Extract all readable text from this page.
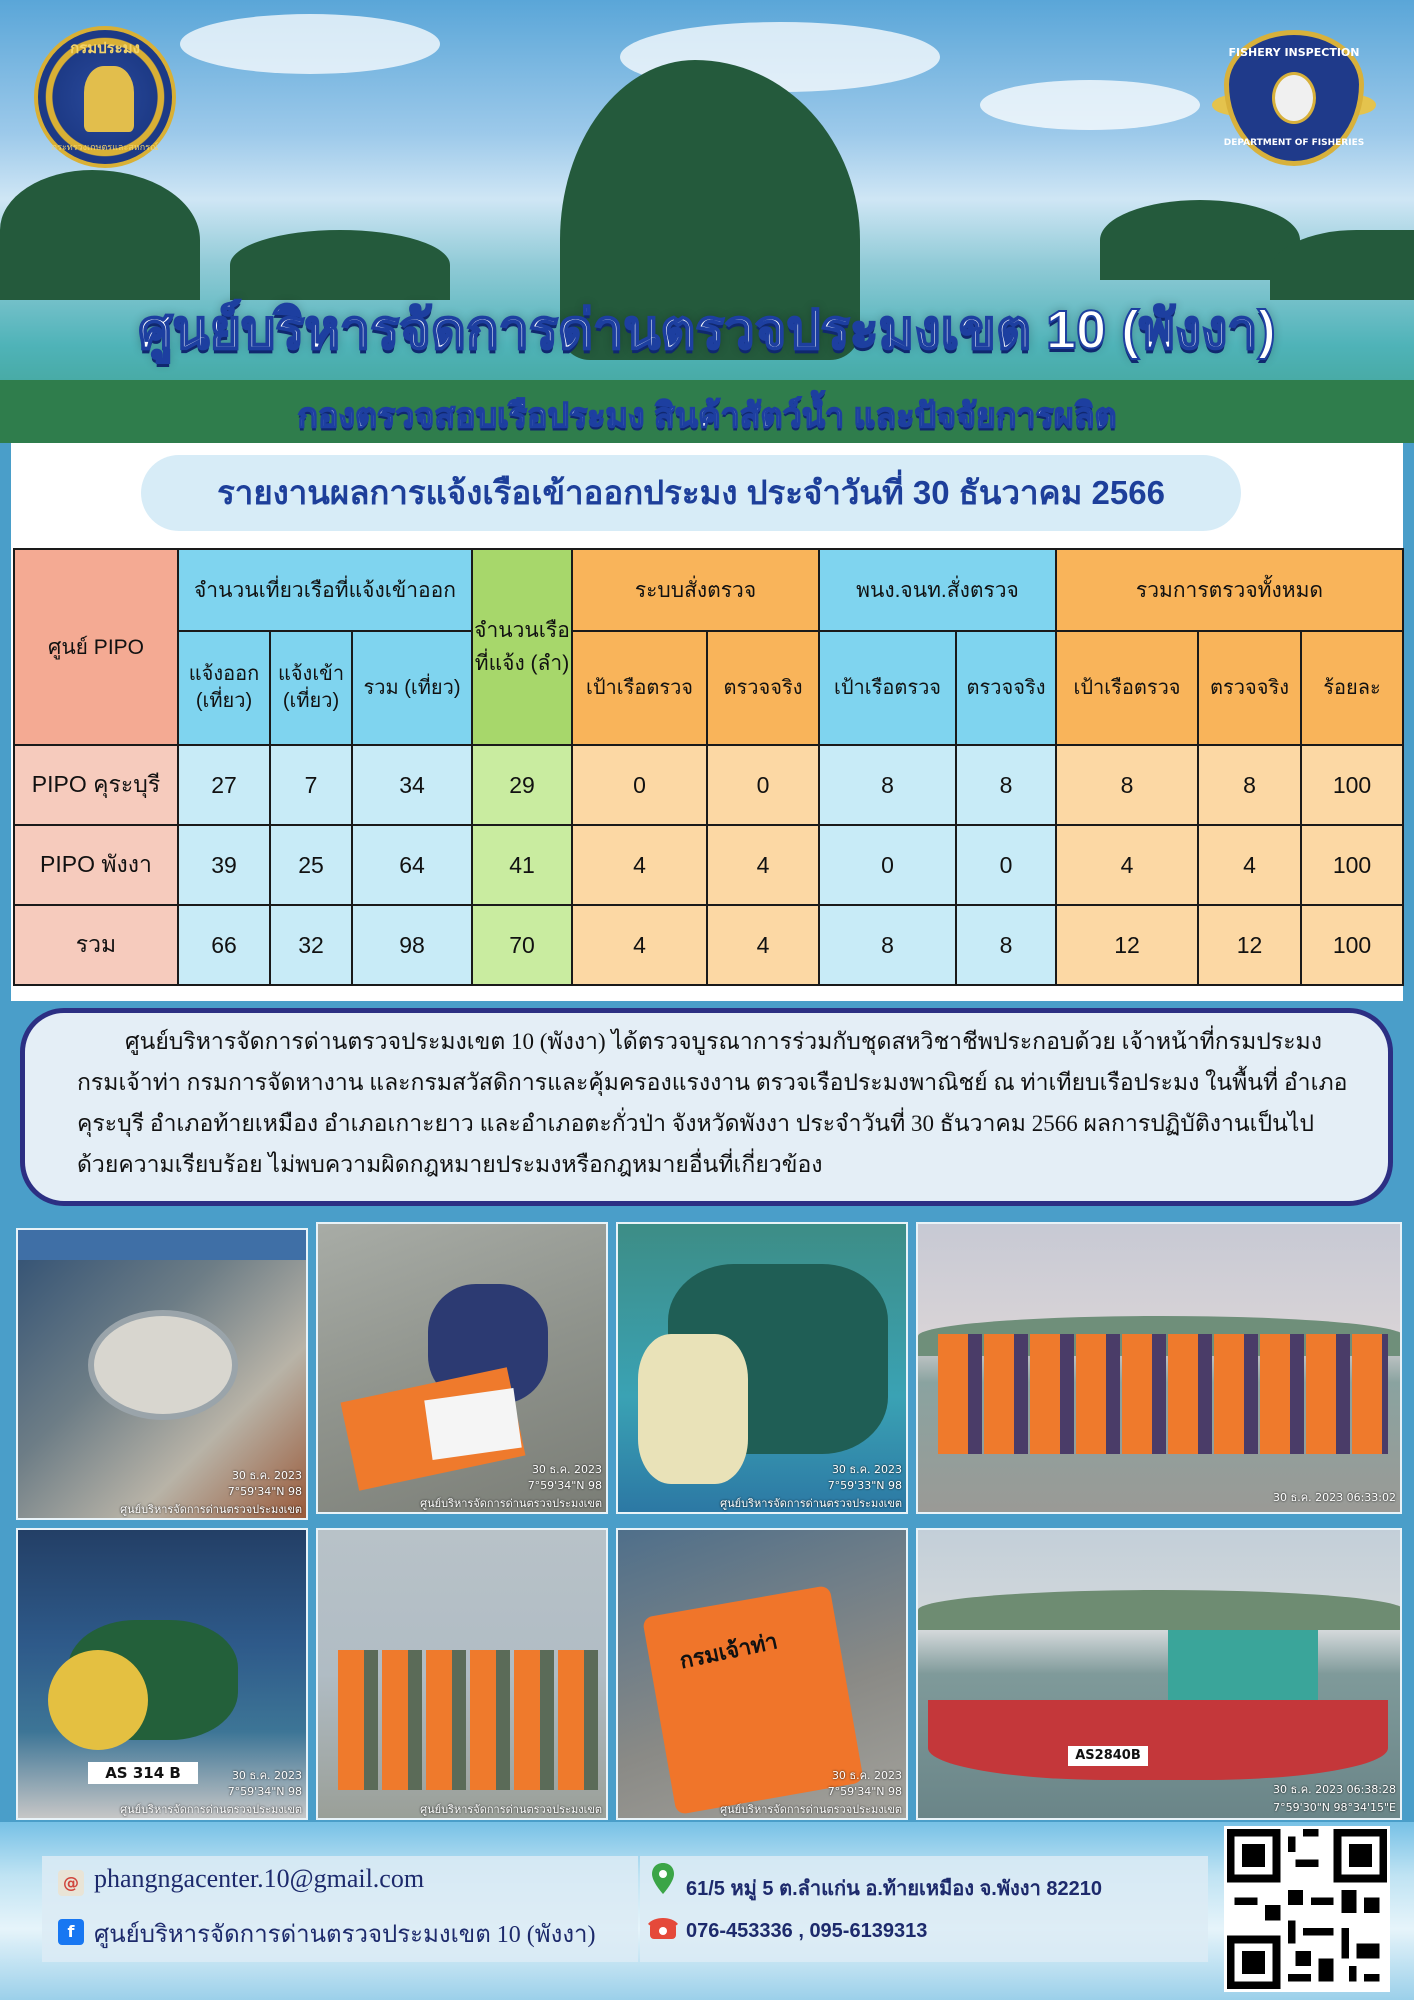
กรมประมง
กระทรวงเกษตรและสหกรณ์
FISHERY INSPECTION
DEPARTMENT OF FISHERIES
ศูนย์บริหารจัดการด่านตรวจประมงเขต 10 (พังงา)
กองตรวจสอบเรือประมง สินค้าสัตว์น้ำ และปัจจัยการผลิต
รายงานผลการแจ้งเรือเข้าออกประมง ประจำวันที่ 30 ธันวาคม 2566
ศูนย์ PIPO	จำนวนเที่ยวเรือที่แจ้งเข้าออก			จำนวนเรือที่แจ้ง (ลำ)	ระบบสั่งตรวจ		พนง.จนท.สั่งตรวจ		รวมการตรวจทั้งหมด		
	แจ้งออก (เที่ยว)	แจ้งเข้า (เที่ยว)	รวม (เที่ยว)		เป้าเรือตรวจ	ตรวจจริง	เป้าเรือตรวจ	ตรวจจริง	เป้าเรือตรวจ	ตรวจจริง	ร้อยละ
PIPO คุระบุรี	27	7	34	29	0	0	8	8	8	8	100
PIPO พังงา	39	25	64	41	4	4	0	0	4	4	100
รวม	66	32	98	70	4	4	8	8	12	12	100

ศูนย์บริหารจัดการด่านตรวจประมงเขต 10 (พังงา) ได้ตรวจบูรณาการร่วมกับชุดสหวิชาชีพประกอบด้วย เจ้าหน้าที่กรมประมง กรมเจ้าท่า กรมการจัดหางาน และกรมสวัสดิการและคุ้มครองแรงงาน ตรวจเรือประมงพาณิชย์ ณ ท่าเทียบเรือประมง ในพื้นที่ อำเภอคุระบุรี อำเภอท้ายเหมือง อำเภอเกาะยาว และอำเภอตะกั่วป่า จังหวัดพังงา ประจำวันที่ 30 ธันวาคม 2566 ผลการปฏิบัติงานเป็นไปด้วยความเรียบร้อย ไม่พบความผิดกฎหมายประมงหรือกฎหมายอื่นที่เกี่ยวข้อง

30 ธ.ค. 2023
7°59'34"N 98
ศูนย์บริหารจัดการด่านตรวจประมงเขต
30 ธ.ค. 2023
7°59'34"N 98
ศูนย์บริหารจัดการด่านตรวจประมงเขต
30 ธ.ค. 2023
7°59'33"N 98
ศูนย์บริหารจัดการด่านตรวจประมงเขต	30 ธ.ค. 2023 06:33:02
AS 314 B	30 ธ.ค. 2023
7°59'34"N 98
ศูนย์บริหารจัดการด่านตรวจประมงเขต	ศูนย์บริหารจัดการด่านตรวจประมงเขต
กรมเจ้าท่า
30 ธ.ค. 2023
7°59'34"N 98
ศูนย์บริหารจัดการด่านตรวจประมงเขต
AS2840B
30 ธ.ค. 2023 06:38:28
7°59'30"N 98°34'15"E
@ phangngacenter.10@gmail.com
f ศูนย์บริหารจัดการด่านตรวจประมงเขต 10 (พังงา)
61/5 หมู่ 5 ต.ลำแก่น อ.ท้ายเหมือง จ.พังงา 82210
076-453336 , 095-6139313
